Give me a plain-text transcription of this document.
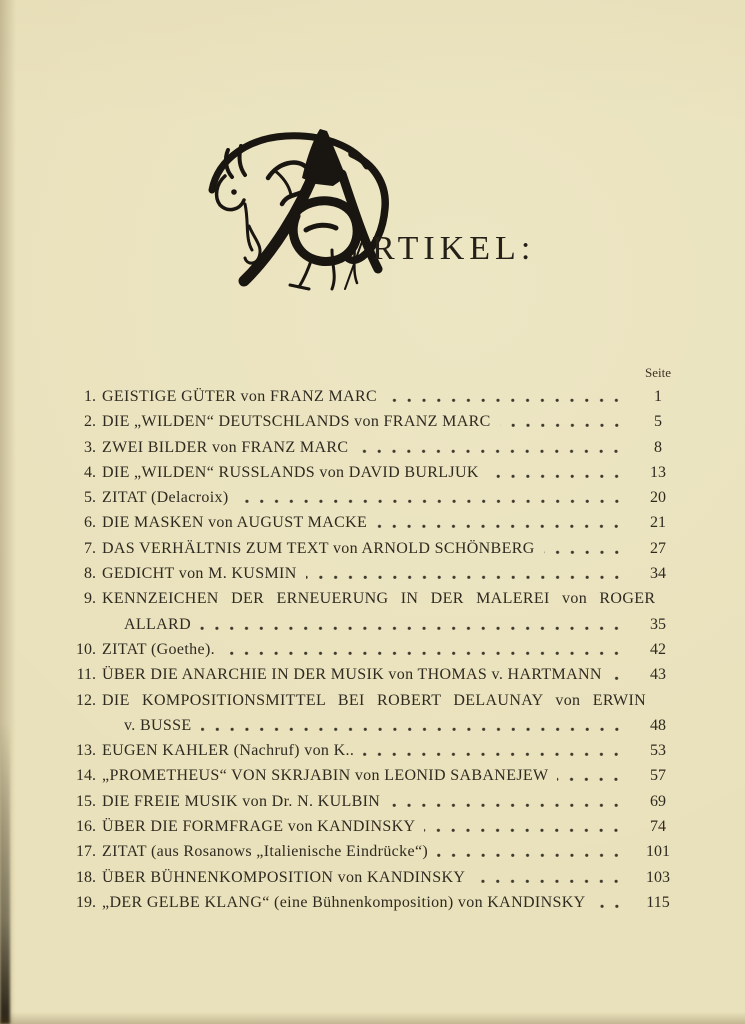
RTIKEL:
Seite
1. GEISTIGE GÜTER von FRANZ MARC	1
2. DIE „WILDEN“ DEUTSCHLANDS von FRANZ MARC	5
3. ZWEI BILDER von FRANZ MARC	8
4. DIE „WILDEN“ RUSSLANDS von DAVID BURLJUK	13
5. ZITAT (Delacroix)	20
6. DIE MASKEN von AUGUST MACKE	21
7. DAS VERHÄLTNIS ZUM TEXT von ARNOLD SCHÖNBERG	27
8. GEDICHT von M. KUSMIN	34
9. KENNZEICHEN DER ERNEUERUNG IN DER MALEREI von ROGER
ALLARD	35
10. ZITAT (Goethe).	42
11. ÜBER DIE ANARCHIE IN DER MUSIK von THOMAS v. HARTMANN	43
12. DIE KOMPOSITIONSMITTEL BEI ROBERT DELAUNAY von ERWIN
v. BUSSE	48
13. EUGEN KAHLER (Nachruf) von K..	53
14. „PROMETHEUS“ VON SKRJABIN von LEONID SABANEJEW	57
15. DIE FREIE MUSIK von Dr. N. KULBIN	69
16. ÜBER DIE FORMFRAGE von KANDINSKY	74
17. ZITAT (aus Rosanows „Italienische Eindrücke“)	101
18. ÜBER BÜHNENKOMPOSITION von KANDINSKY	103
19. „DER GELBE KLANG“ (eine Bühnenkomposition) von KANDINSKY	115
